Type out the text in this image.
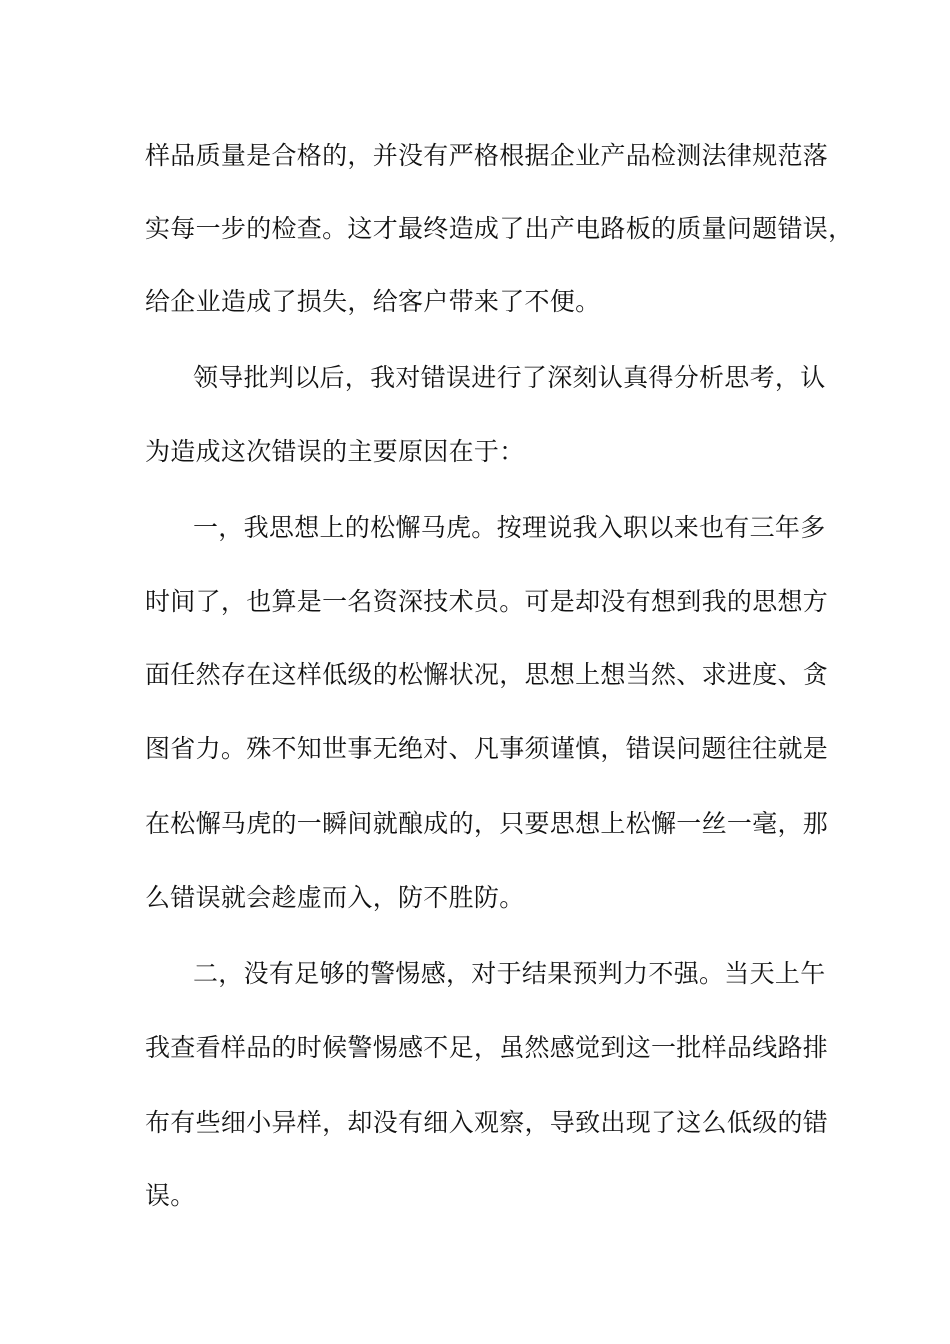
样品质量是合格的，并没有严格根据企业产品检测法律规范落
实每一步的检查。这才最终造成了出产电路板的质量问题错误，
给企业造成了损失，给客户带来了不便。
领导批判以后，我对错误进行了深刻认真得分析思考，认
为造成这次错误的主要原因在于：
一，我思想上的松懈马虎。按理说我入职以来也有三年多
时间了，也算是一名资深技术员。可是却没有想到我的思想方
面任然存在这样低级的松懈状况，思想上想当然、求进度、贪
图省力。殊不知世事无绝对、凡事须谨慎，错误问题往往就是
在松懈马虎的一瞬间就酿成的，只要思想上松懈一丝一毫，那
么错误就会趁虚而入，防不胜防。
二，没有足够的警惕感，对于结果预判力不强。当天上午
我查看样品的时候警惕感不足，虽然感觉到这一批样品线路排
布有些细小异样，却没有细入观察，导致出现了这么低级的错
误。
